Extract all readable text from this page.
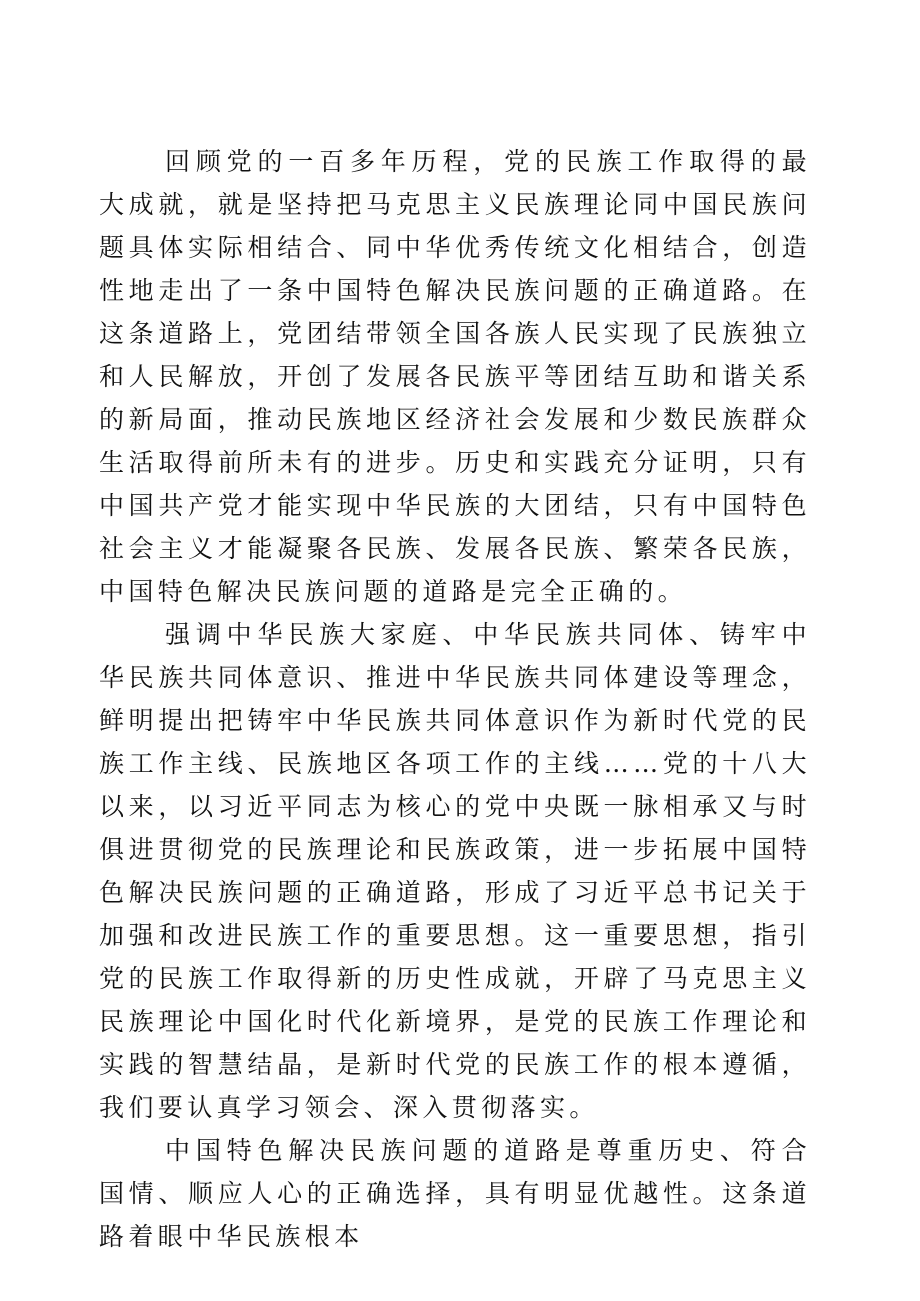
回顾党的一百多年历程，党的民族工作取得的最大成就，就是坚持把马克思主义民族理论同中国民族问题具体实际相结合、同中华优秀传统文化相结合，创造性地走出了一条中国特色解决民族问题的正确道路。在这条道路上，党团结带领全国各族人民实现了民族独立和人民解放，开创了发展各民族平等团结互助和谐关系的新局面，推动民族地区经济社会发展和少数民族群众生活取得前所未有的进步。历史和实践充分证明，只有中国共产党才能实现中华民族的大团结，只有中国特色社会主义才能凝聚各民族、发展各民族、繁荣各民族，中国特色解决民族问题的道路是完全正确的。

强调中华民族大家庭、中华民族共同体、铸牢中华民族共同体意识、推进中华民族共同体建设等理念，鲜明提出把铸牢中华民族共同体意识作为新时代党的民族工作主线、民族地区各项工作的主线……党的十八大以来，以习近平同志为核心的党中央既一脉相承又与时俱进贯彻党的民族理论和民族政策，进一步拓展中国特色解决民族问题的正确道路，形成了习近平总书记关于加强和改进民族工作的重要思想。这一重要思想，指引党的民族工作取得新的历史性成就，开辟了马克思主义民族理论中国化时代化新境界，是党的民族工作理论和实践的智慧结晶，是新时代党的民族工作的根本遵循，我们要认真学习领会、深入贯彻落实。

中国特色解决民族问题的道路是尊重历史、符合国情、顺应人心的正确选择，具有明显优越性。这条道路着眼中华民族根本
